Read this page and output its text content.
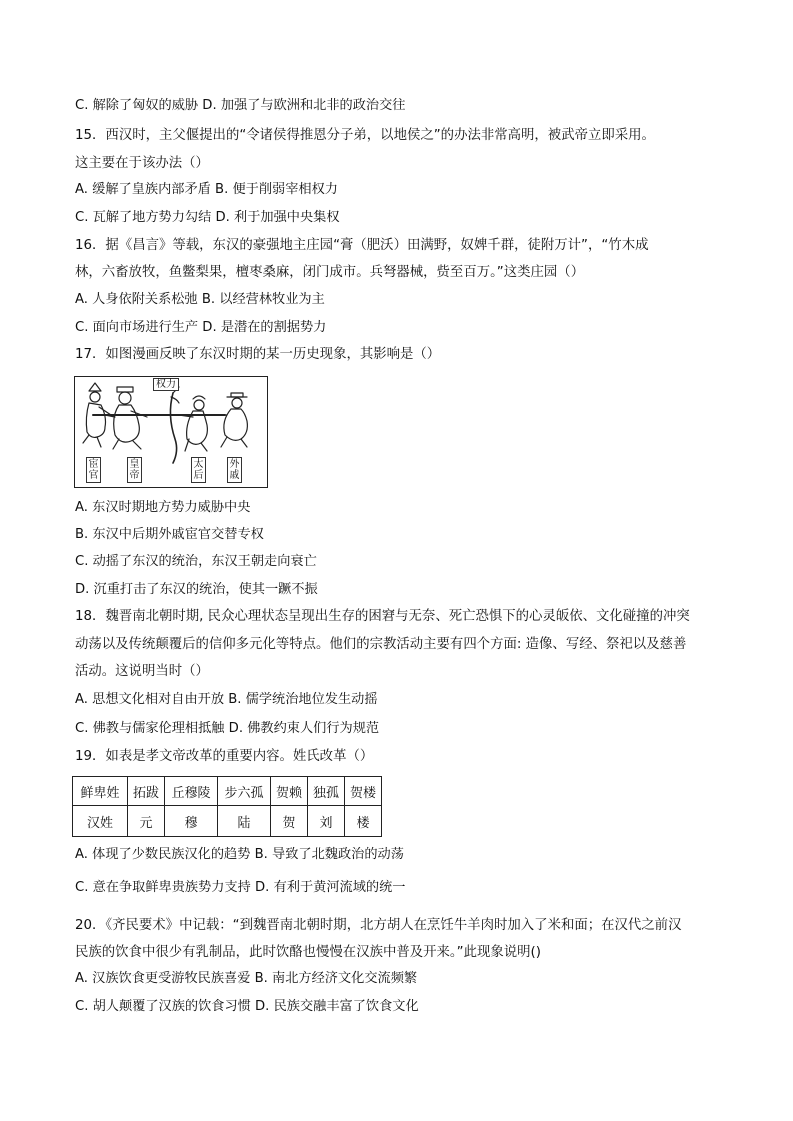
C. 解除了匈奴的威胁 D. 加强了与欧洲和北非的政治交往
15．西汉时，主父偃提出的“令诸侯得推恩分子弟，以地侯之”的办法非常高明，被武帝立即采用。
这主要在于该办法（）
A. 缓解了皇族内部矛盾 B. 便于削弱宰相权力
C. 瓦解了地方势力勾结 D. 利于加强中央集权
16．据《昌言》等载，东汉的豪强地主庄园“膏（肥沃）田满野，奴婢千群，徒附万计”，“竹木成
林，六畜放牧，鱼鳖梨果，檀枣桑麻，闭门成市。兵弩器械，赀至百万。”这类庄园（）
A. 人身依附关系松弛 B. 以经营林牧业为主
C. 面向市场进行生产 D. 是潜在的割据势力
17．如图漫画反映了东汉时期的某一历史现象，其影响是（）
权力
宦官
皇帝
太后
外戚
A. 东汉时期地方势力威胁中央
B. 东汉中后期外戚宦官交替专权
C. 动摇了东汉的统治，东汉王朝走向衰亡
D. 沉重打击了东汉的统治，使其一蹶不振
18．魏晋南北朝时期, 民众心理状态呈现出生存的困窘与无奈、死亡恐惧下的心灵皈依、文化碰撞的冲突
动荡以及传统颠覆后的信仰多元化等特点。他们的宗教活动主要有四个方面: 造像、写经、祭祀以及慈善
活动。这说明当时（）
A. 思想文化相对自由开放 B. 儒学统治地位发生动摇
C. 佛教与儒家伦理相抵触 D. 佛教约束人们行为规范
19．如表是孝文帝改革的重要内容。姓氏改革（）
鲜卑姓	拓跋	丘穆陵	步六孤	贺赖	独孤	贺楼
汉姓	元	穆	陆	贺	刘	楼
A. 体现了少数民族汉化的趋势 B. 导致了北魏政治的动荡
C. 意在争取鲜卑贵族势力支持 D. 有利于黄河流域的统一
20．《齐民要术》中记载：“到魏晋南北朝时期，北方胡人在烹饪牛羊肉时加入了米和面；在汉代之前汉
民族的饮食中很少有乳制品，此时饮酪也慢慢在汉族中普及开来。”此现象说明()
A. 汉族饮食更受游牧民族喜爱 B. 南北方经济文化交流频繁
C. 胡人颠覆了汉族的饮食习惯 D. 民族交融丰富了饮食文化
